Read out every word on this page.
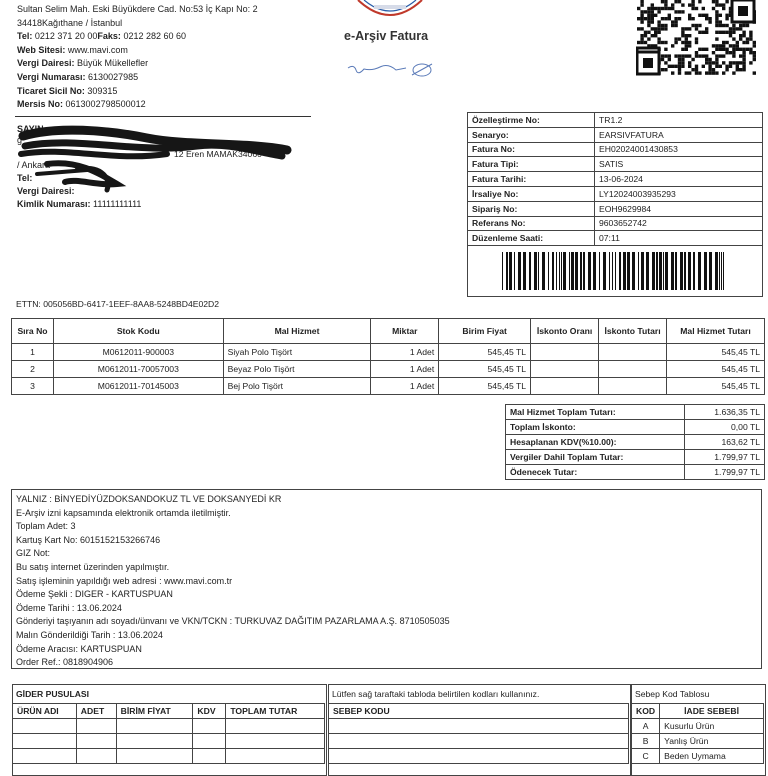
Sultan Selim Mah. Eski Büyükdere Cad. No:53 İç Kapı No: 2
34418Kağıthane / İstanbul
Tel: 0212 371 20 00Faks: 0212 282 60 60
Web Sitesi: www.mavi.com
Vergi Dairesi: Büyük Mükellefler
Vergi Numarası: 6130027985
Ticaret Sicil No: 309315
Mersis No: 0613002798500012
e-Arşiv Fatura
SAYIN
g
12 Eren MAMAK34060
/ Ankara
Tel:
Vergi Dairesi:
Kimlik Numarası: 11111111111
Özelleştirme No:	TR1.2
Senaryo:	EARSIVFATURA
Fatura No:	EH02024001430853
Fatura Tipi:	SATIS
Fatura Tarihi:	13-06-2024
İrsaliye No:	LY12024003935293
Sipariş No:	EOH9629984
Referans No:	9603652742
Düzenleme Saati:	07:11

ETTN: 005056BD-6417-1EEF-8AA8-5248BD4E02D2
Sıra No	Stok Kodu	Mal Hizmet	Miktar	Birim Fiyat	İskonto Oranı	İskonto Tutarı	Mal Hizmet Tutarı
1	M0612011-900003	Siyah Polo Tişört	1 Adet	545,45 TL			545,45 TL
2	M0612011-70057003	Beyaz Polo Tişört	1 Adet	545,45 TL			545,45 TL
3	M0612011-70145003	Bej Polo Tişört	1 Adet	545,45 TL			545,45 TL
Mal Hizmet Toplam Tutarı:	1.636,35 TL
Toplam İskonto:	0,00 TL
Hesaplanan KDV(%10.00):	163,62 TL
Vergiler Dahil Toplam Tutar:	1.799,97 TL
Ödenecek Tutar:	1.799,97 TL
YALNIZ : BİNYEDİYÜZDOKSANDOKUZ TL VE DOKSANYEDİ KR
E-Arşiv izni kapsamında elektronik ortamda iletilmiştir.
Toplam Adet: 3
Kartuş Kart No: 6015152153266746
GIZ Not:
Bu satış internet üzerinden yapılmıştır.
Satış işleminin yapıldığı web adresi : www.mavi.com.tr
Ödeme Şekli : DIGER - KARTUSPUAN
Ödeme Tarihi : 13.06.2024
Gönderiyi taşıyanın adı soyadı/ünvanı ve VKN/TCKN : TURKUVAZ DAĞITIM PAZARLAMA A.Ş. 8710505035
Malın Gönderildiği Tarih : 13.06.2024
Ödeme Aracısı: KARTUSPUAN
Order Ref.: 0818904906
GİDER PUSULASI
ÜRÜN ADI	ADET	BİRİM FİYAT	KDV	TOPLAM TUTAR

Lütfen sağ taraftaki tabloda belirtilen kodları kullanınız.
SEBEP KODU

Sebep Kod Tablosu
KOD	İADE SEBEBİ
A	Kusurlu Ürün
B	Yanlış Ürün
C	Beden Uymama
